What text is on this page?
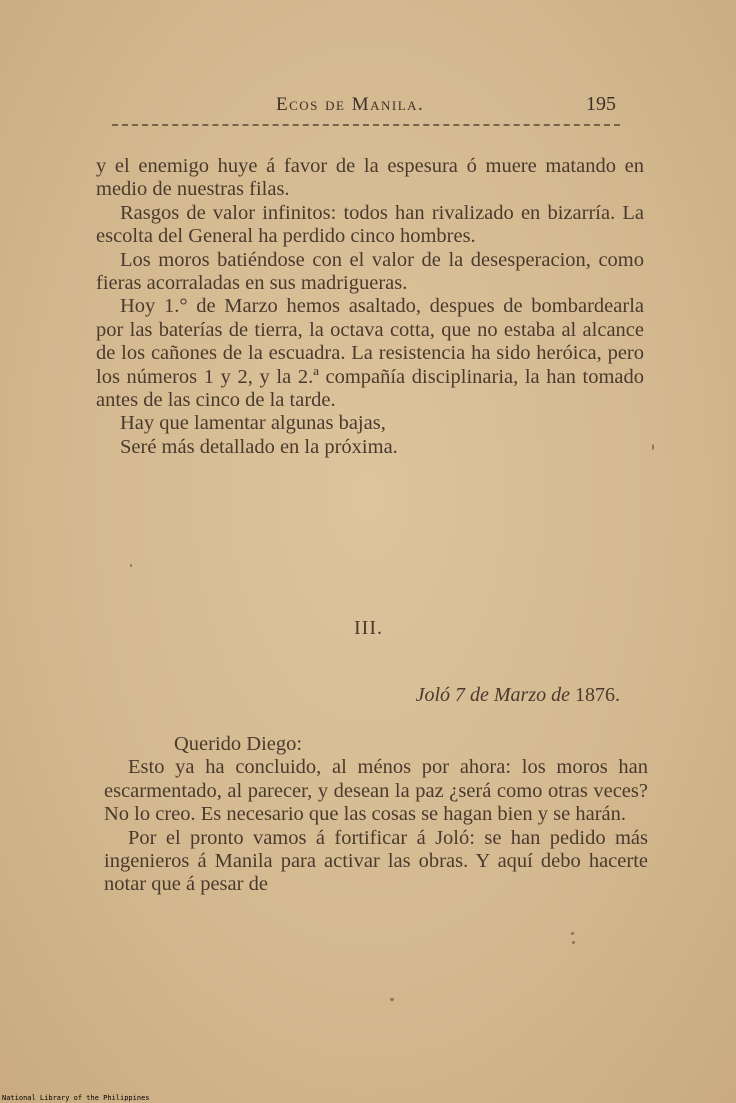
Ecos de Manila.	195

y el enemigo huye á favor de la espesura ó muere matando en medio de nuestras filas.

Rasgos de valor infinitos: todos han rivalizado en bizarría. La escolta del General ha perdido cinco hombres.

Los moros batiéndose con el valor de la desesperacion, como fieras acorraladas en sus madrigueras.

Hoy 1.° de Marzo hemos asaltado, despues de bombardearla por las baterías de tierra, la octava cotta, que no estaba al alcance de los cañones de la escuadra. La resistencia ha sido heróica, pero los números 1 y 2, y la 2.ª compañía disciplinaria, la han tomado antes de las cinco de la tarde.

Hay que lamentar algunas bajas,

Seré más detallado en la próxima.

III.
Joló 7 de Marzo de 1876.

Querido Diego:

Esto ya ha concluido, al ménos por ahora: los moros han escarmentado, al parecer, y desean la paz ¿será como otras veces? No lo creo. Es necesario que las cosas se hagan bien y se harán.

Por el pronto vamos á fortificar á Joló: se han pedido más ingenieros á Manila para activar las obras. Y aquí debo hacerte notar que á pesar de

National Library of the Philippines
